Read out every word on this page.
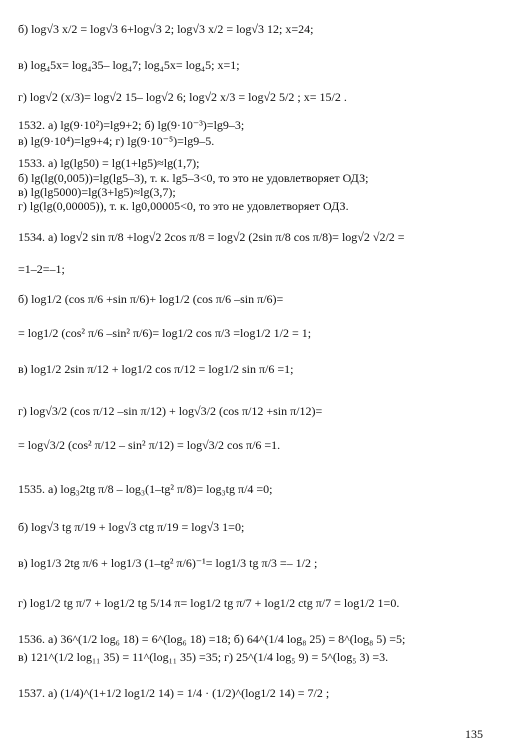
б) log√3 x/2 = log√3 6+log√3 2; log√3 x/2 = log√3 12; x=24;
в) log₄5x= log₄35– log₄7; log₄5x= log₄5; x=1;
г) log√2 (x/3)= log√2 15– log√2 6; log√2 x/3 = log√2 5/2 ; x= 15/2 .
1532. а) lg(9·10²)=lg9+2; б) lg(9·10⁻³)=lg9–3;
в) lg(9·10⁴)=lg9+4; г) lg(9·10⁻⁵)=lg9–5.
1533. а) lg(lg50) = lg(1+lg5)≈lg(1,7);
б) lg(lg(0,005))=lg(lg5–3), т. к. lg5–3<0, то это не удовлетворяет ОДЗ;
в) lg(lg5000)=lg(3+lg5)≈lg(3,7);
г) lg(lg(0,00005)), т. к. lg0,00005<0, то это не удовлетворяет ОДЗ.
1534. а) log√2 sin π/8 +log√2 2cos π/8 = log√2 (2sin π/8 cos π/8)= log√2 √2/2 =
=1–2=–1;
б) log1/2 (cos π/6 +sin π/6)+ log1/2 (cos π/6 –sin π/6)=
= log1/2 (cos² π/6 –sin² π/6)= log1/2 cos π/3 =log1/2 1/2 = 1;
в) log1/2 2sin π/12 + log1/2 cos π/12 = log1/2 sin π/6 =1;
г) log√3/2 (cos π/12 –sin π/12) + log√3/2 (cos π/12 +sin π/12)=
= log√3/2 (cos² π/12 – sin² π/12) = log√3/2 cos π/6 =1.
1535. а) log₃2tg π/8 – log₃(1–tg² π/8)= log₃tg π/4 =0;
б) log√3 tg π/19 + log√3 ctg π/19 = log√3 1=0;
в) log1/3 2tg π/6 + log1/3 (1–tg² π/6)⁻¹= log1/3 tg π/3 =– 1/2 ;
г) log1/2 tg π/7 + log1/2 tg 5/14 π= log1/2 tg π/7 + log1/2 ctg π/7 = log1/2 1=0.
1536. а) 36^(1/2 log₆ 18) = 6^(log₆ 18) =18; б) 64^(1/4 log₈ 25) = 8^(log₈ 5) =5;
в) 121^(1/2 log₁₁ 35) = 11^(log₁₁ 35) =35; г) 25^(1/4 log₅ 9) = 5^(log₅ 3) =3.
1537. а) (1/4)^(1+1/2 log1/2 14) = 1/4 · (1/2)^(log1/2 14) = 7/2 ;
135
